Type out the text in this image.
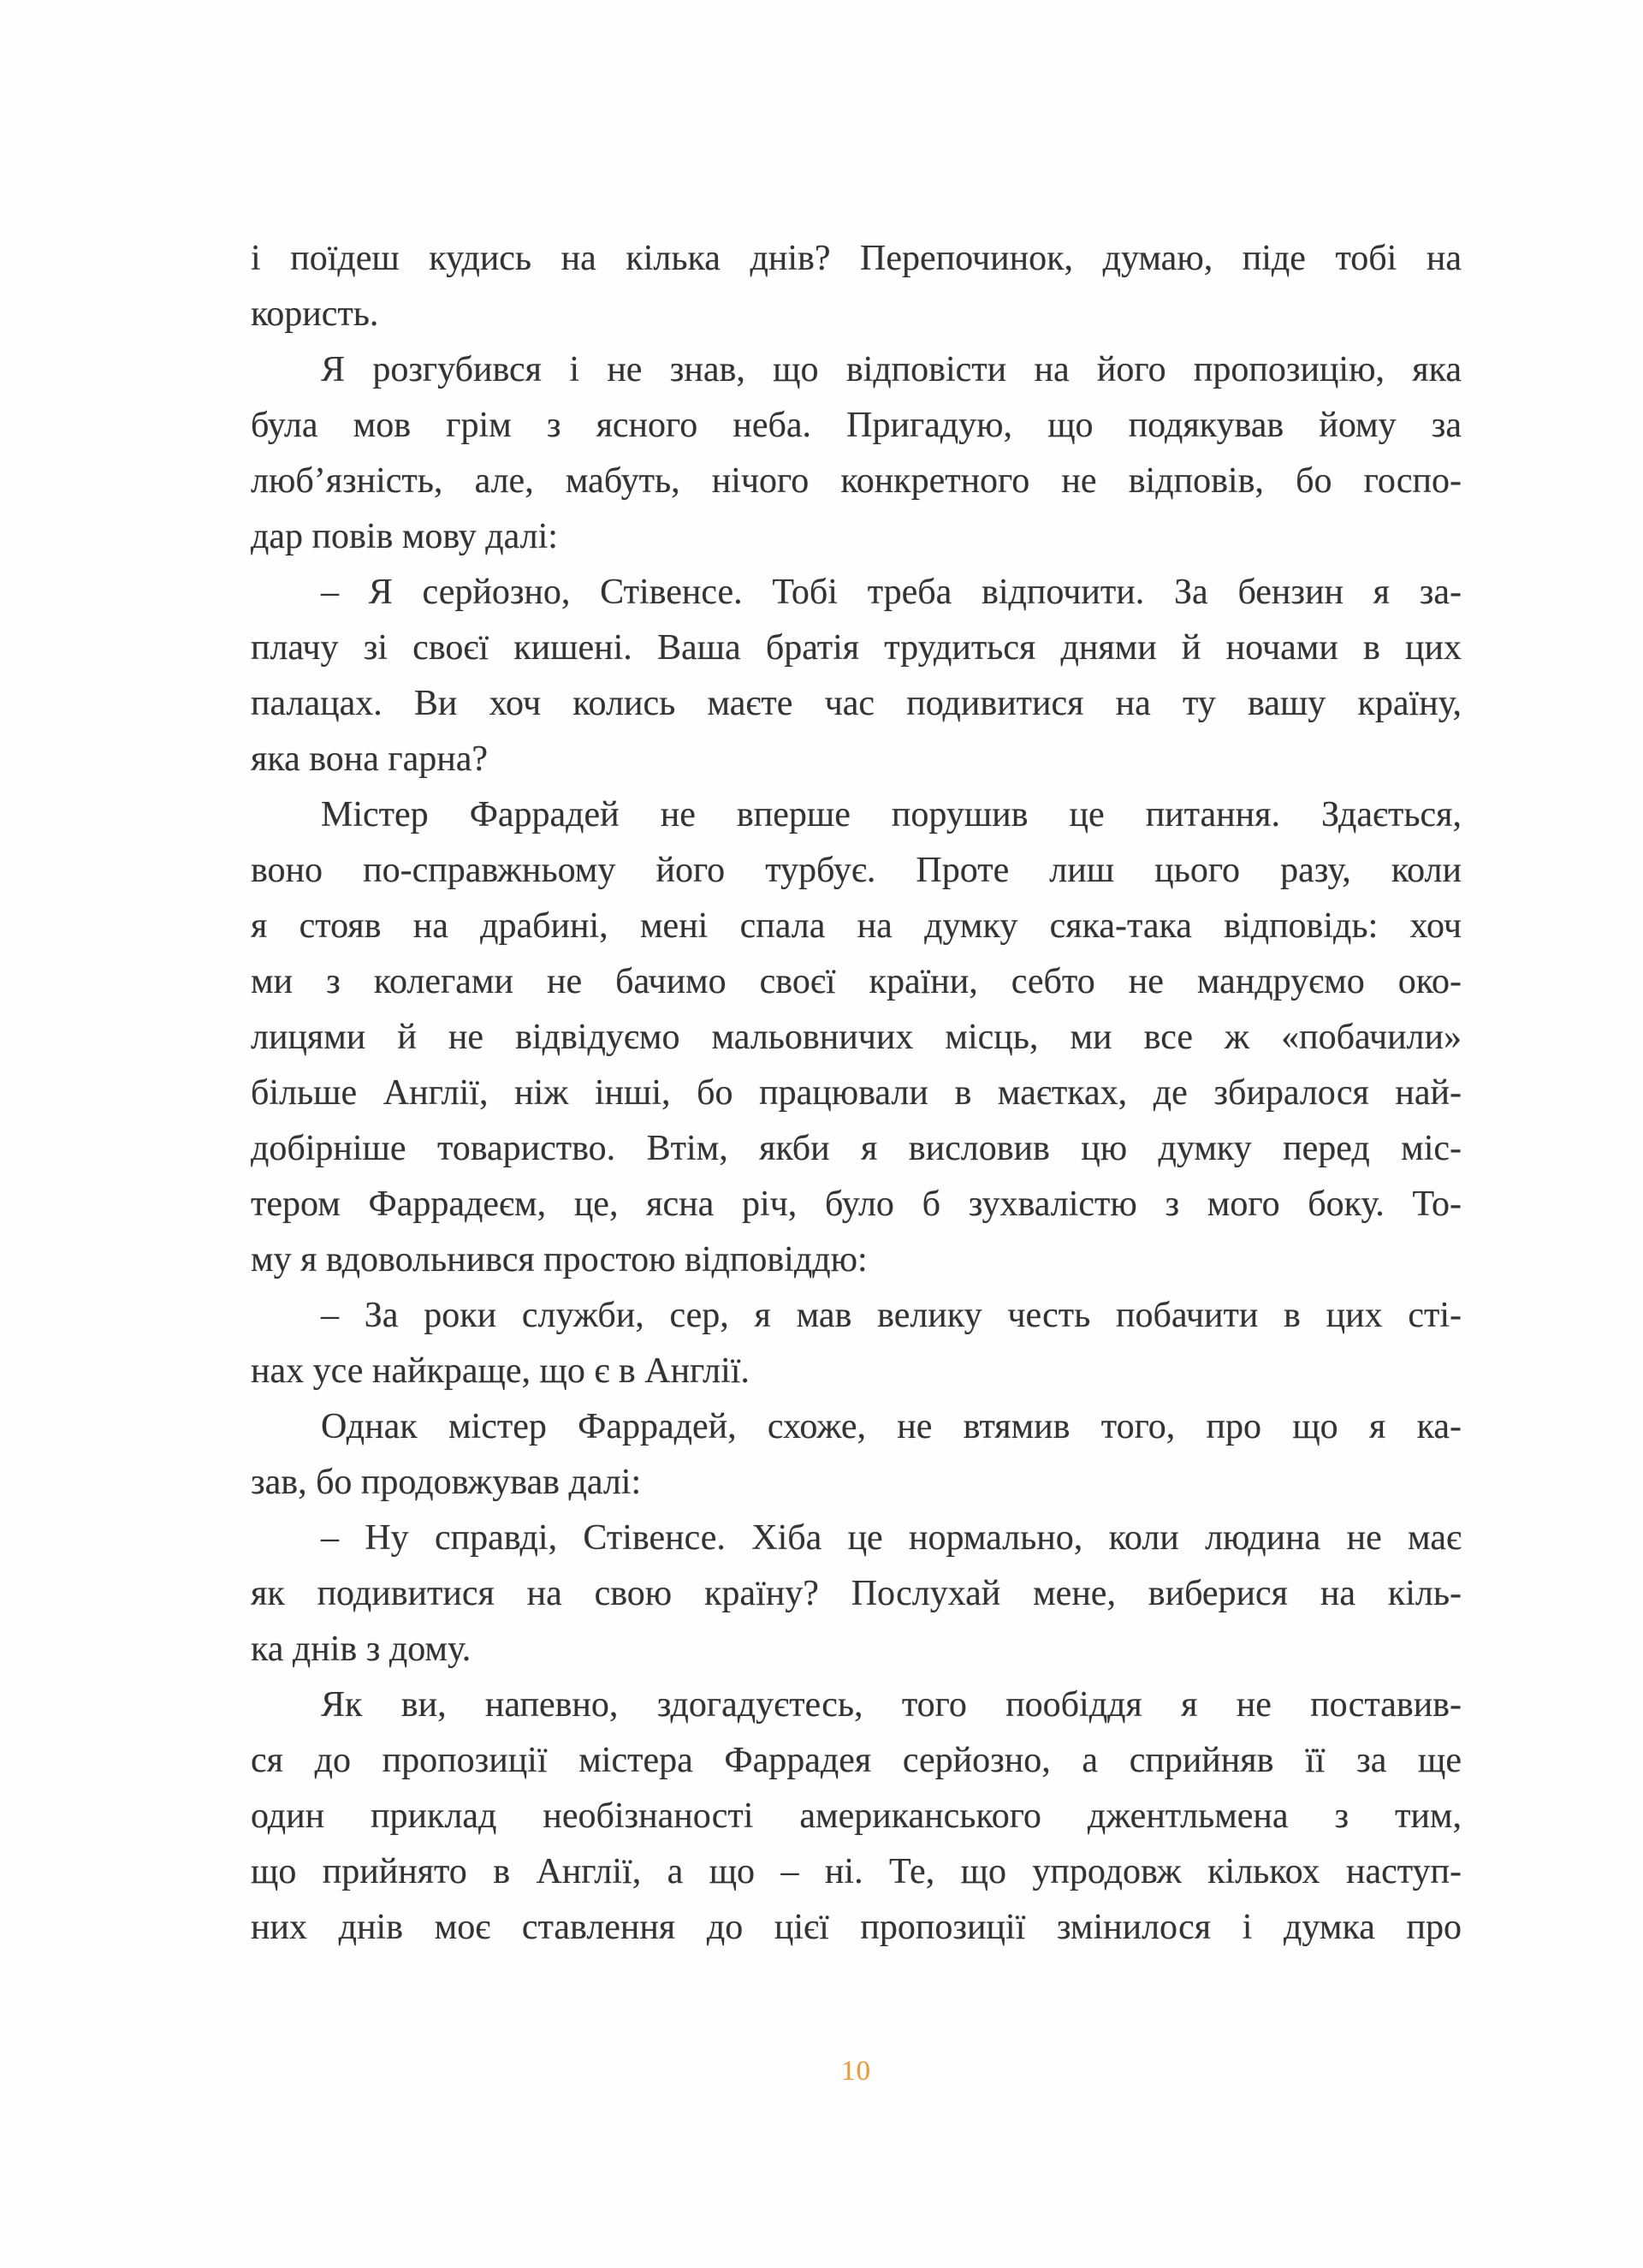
і поїдеш кудись на кілька днів? Перепочинок, думаю, піде тобі на
користь.
Я розгубився і не знав, що відповісти на його пропозицію, яка
була мов грім з ясного неба. Пригадую, що подякував йому за
люб’язність, але, мабуть, нічого конкретного не відповів, бо госпо-
дар повів мову далі:
– Я серйозно, Стівенсе. Тобі треба відпочити. За бензин я за-
плачу зі своєї кишені. Ваша братія трудиться днями й ночами в цих
палацах. Ви хоч колись маєте час подивитися на ту вашу країну,
яка вона гарна?
Містер Фаррадей не вперше порушив це питання. Здається,
воно по-справжньому його турбує. Проте лиш цього разу, коли
я стояв на драбині, мені спала на думку сяка-така відповідь: хоч
ми з колегами не бачимо своєї країни, себто не мандруємо око-
лицями й не відвідуємо мальовничих місць, ми все ж «побачили»
більше Англії, ніж інші, бо працювали в маєтках, де збиралося най-
добірніше товариство. Втім, якби я висловив цю думку перед міс-
тером Фаррадеєм, це, ясна річ, було б зухвалістю з мого боку. То-
му я вдовольнився простою відповіддю:
– За роки служби, сер, я мав велику честь побачити в цих сті-
нах усе найкраще, що є в Англії.
Однак містер Фаррадей, схоже, не втямив того, про що я ка-
зав, бо продовжував далі:
– Ну справді, Стівенсе. Хіба це нормально, коли людина не має
як подивитися на свою країну? Послухай мене, виберися на кіль-
ка днів з дому.
Як ви, напевно, здогадуєтесь, того пообіддя я не поставив-
ся до пропозиції містера Фаррадея серйозно, а сприйняв її за ще
один приклад необізнаності американського джентльмена з тим,
що прийнято в Англії, а що – ні. Те, що упродовж кількох наступ-
них днів моє ставлення до цієї пропозиції змінилося і думка про
10
